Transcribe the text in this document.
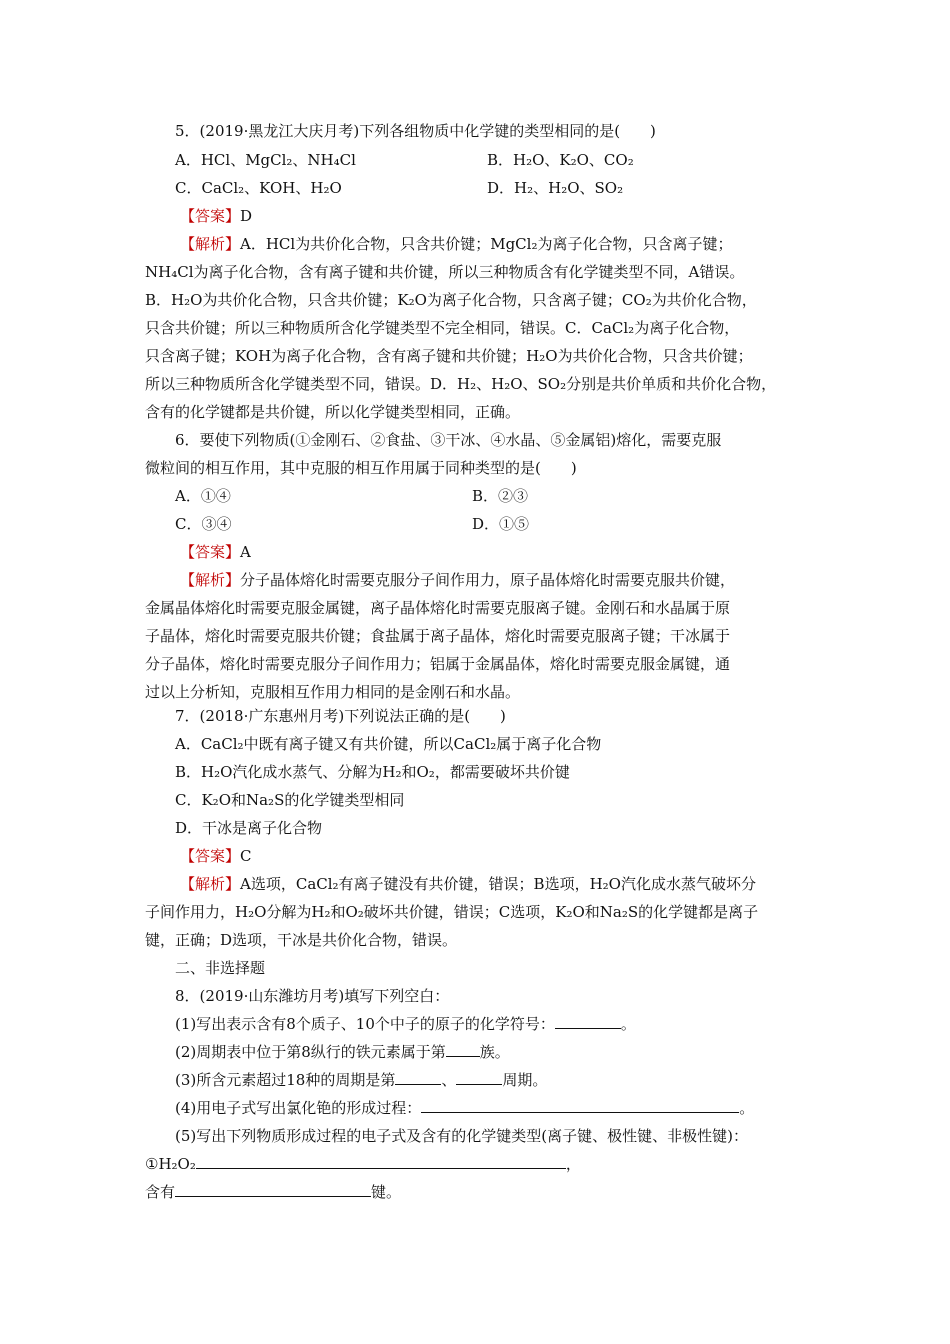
5．(2019·黑龙江大庆月考)下列各组物质中化学键的类型相同的是(　　)
A．HCl、MgCl₂、NH₄Cl	B．H₂O、K₂O、CO₂
C．CaCl₂、KOH、H₂O	D．H₂、H₂O、SO₂
【答案】D
【解析】A．HCl为共价化合物，只含共价键；MgCl₂为离子化合物，只含离子键；
NH₄Cl为离子化合物，含有离子键和共价键，所以三种物质含有化学键类型不同，A错误。
B．H₂O为共价化合物，只含共价键；K₂O为离子化合物，只含离子键；CO₂为共价化合物，
只含共价键；所以三种物质所含化学键类型不完全相同，错误。C．CaCl₂为离子化合物，
只含离子键；KOH为离子化合物，含有离子键和共价键；H₂O为共价化合物，只含共价键；
所以三种物质所含化学键类型不同，错误。D．H₂、H₂O、SO₂分别是共价单质和共价化合物，
含有的化学键都是共价键，所以化学键类型相同，正确。
6．要使下列物质(①金刚石、②食盐、③干冰、④水晶、⑤金属铝)熔化，需要克服
微粒间的相互作用，其中克服的相互作用属于同种类型的是(　　)
A．①④	B．②③
C．③④	D．①⑤
【答案】A
【解析】分子晶体熔化时需要克服分子间作用力，原子晶体熔化时需要克服共价键，
金属晶体熔化时需要克服金属键，离子晶体熔化时需要克服离子键。金刚石和水晶属于原
子晶体，熔化时需要克服共价键；食盐属于离子晶体，熔化时需要克服离子键；干冰属于
分子晶体，熔化时需要克服分子间作用力；铝属于金属晶体，熔化时需要克服金属键，通
过以上分析知，克服相互作用力相同的是金刚石和水晶。
7．(2018·广东惠州月考)下列说法正确的是(　　)
A．CaCl₂中既有离子键又有共价键，所以CaCl₂属于离子化合物
B．H₂O汽化成水蒸气、分解为H₂和O₂，都需要破坏共价键
C．K₂O和Na₂S的化学键类型相同
D．干冰是离子化合物
【答案】C
【解析】A选项，CaCl₂有离子键没有共价键，错误；B选项，H₂O汽化成水蒸气破坏分
子间作用力，H₂O分解为H₂和O₂破坏共价键，错误；C选项，K₂O和Na₂S的化学键都是离子
键，正确；D选项，干冰是共价化合物，错误。
二、非选择题
8．(2019·山东潍坊月考)填写下列空白：
(1)写出表示含有8个质子、10个中子的原子的化学符号：	。
(2)周期表中位于第8纵行的铁元素属于第 族。
(3)所含元素超过18种的周期是第	、	周期。
(4)用电子式写出氯化铯的形成过程：	。
(5)写出下列物质形成过程的电子式及含有的化学键类型(离子键、极性键、非极性键)：
①H₂O₂	，
含有	键。
